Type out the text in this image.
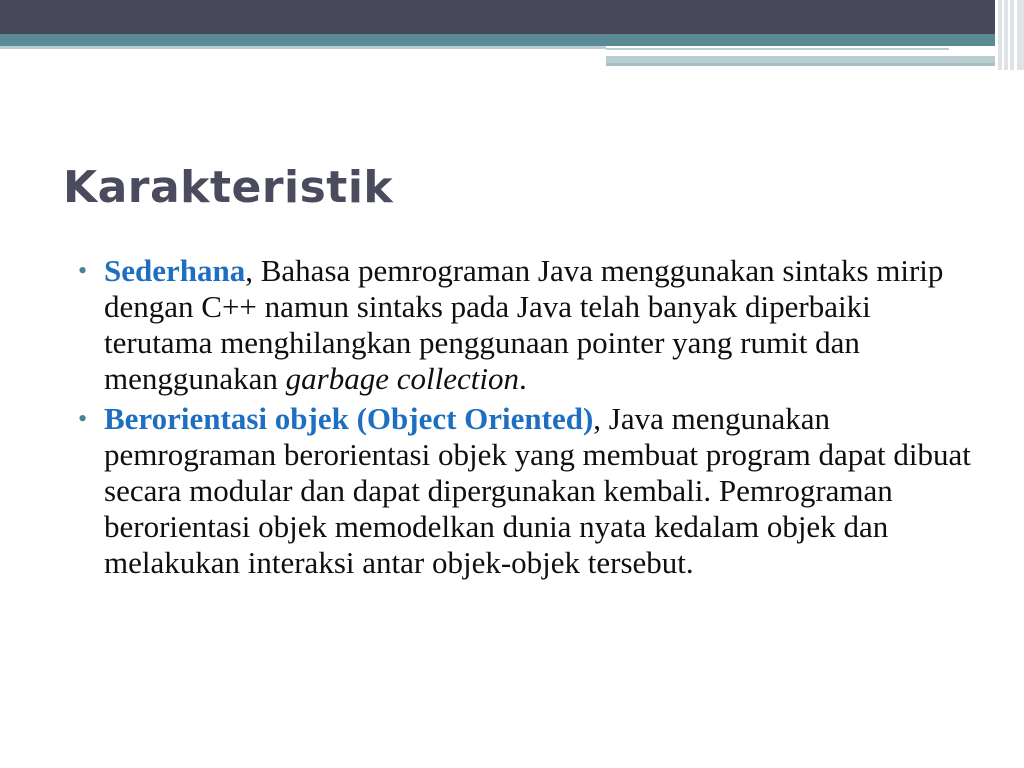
Karakteristik
• Sederhana, Bahasa pemrograman Java menggunakan sintaks mirip dengan C++ namun sintaks pada Java telah banyak diperbaiki terutama menghilangkan penggunaan pointer yang rumit dan menggunakan garbage collection.
• Berorientasi objek (Object Oriented), Java mengunakan pemrograman berorientasi objek yang membuat program dapat dibuat secara modular dan dapat dipergunakan kembali. Pemrograman berorientasi objek memodelkan dunia nyata kedalam objek dan melakukan interaksi antar objek-objek tersebut.
